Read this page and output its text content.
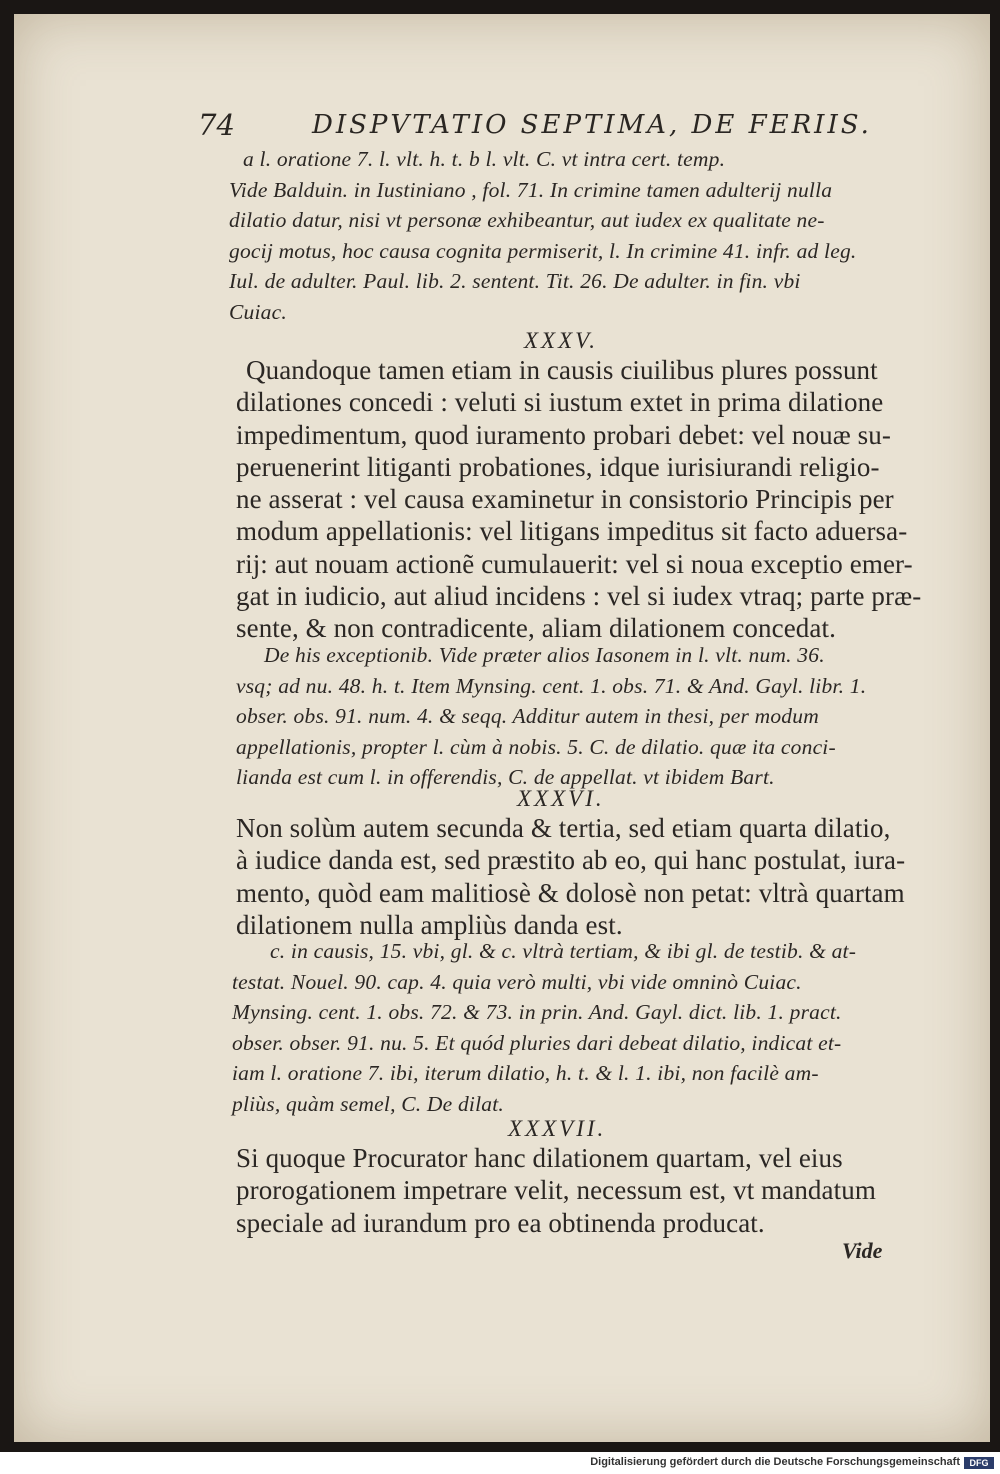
74	DISPVTATIO SEPTIMA, DE FERIIS.
a l. oratione 7. l. vlt. h. t. b l. vlt. C. vt intra cert. temp.
Vide Balduin. in Iustiniano , fol. 71. In crimine tamen adulterij nulla
dilatio datur, nisi vt personæ exhibeantur, aut iudex ex qualitate ne-
gocij motus, hoc causa cognita permiserit, l. In crimine 41. infr. ad leg.
Iul. de adulter. Paul. lib. 2. sentent. Tit. 26. De adulter. in fin. vbi
Cuiac.
XXXV.
Quandoque tamen etiam in causis ciuilibus plures possunt
dilationes concedi : veluti si iustum extet in prima dilatione
impedimentum, quod iuramento probari debet: vel nouæ su-
peruenerint litiganti probationes, idque iurisiurandi religio-
ne asserat : vel causa examinetur in consistorio Principis per
modum appellationis: vel litigans impeditus sit facto aduersa-
rij: aut nouam actionẽ cumulauerit: vel si noua exceptio emer-
gat in iudicio, aut aliud incidens : vel si iudex vtraq; parte præ-
sente, & non contradicente, aliam dilationem concedat.
De his exceptionib. Vide præter alios Iasonem in l. vlt. num. 36.
vsq; ad nu. 48. h. t. Item Mynsing. cent. 1. obs. 71. & And. Gayl. libr. 1.
obser. obs. 91. num. 4. & seqq. Additur autem in thesi, per modum
appellationis, propter l. cùm à nobis. 5. C. de dilatio. quæ ita conci-
lianda est cum l. in offerendis, C. de appellat. vt ibidem Bart.
XXXVI.
Non solùm autem secunda & tertia, sed etiam quarta dilatio,
à iudice danda est, sed præstito ab eo, qui hanc postulat, iura-
mento, quòd eam malitiosè & dolosè non petat: vltrà quartam
dilationem nulla ampliùs danda est.
c. in causis, 15. vbi, gl. & c. vltrà tertiam, & ibi gl. de testib. & at-
testat. Nouel. 90. cap. 4. quia verò multi, vbi vide omninò Cuiac.
Mynsing. cent. 1. obs. 72. & 73. in prin. And. Gayl. dict. lib. 1. pract.
obser. obser. 91. nu. 5. Et quód pluries dari debeat dilatio, indicat et-
iam l. oratione 7. ibi, iterum dilatio, h. t. & l. 1. ibi, non facilè am-
pliùs, quàm semel, C. De dilat.
XXXVII.
Si quoque Procurator hanc dilationem quartam, vel eius
prorogationem impetrare velit, necessum est, vt mandatum
speciale ad iurandum pro ea obtinenda producat.
Vide
Digitalisierung gefördert durch die Deutsche Forschungsgemeinschaft	DFG
